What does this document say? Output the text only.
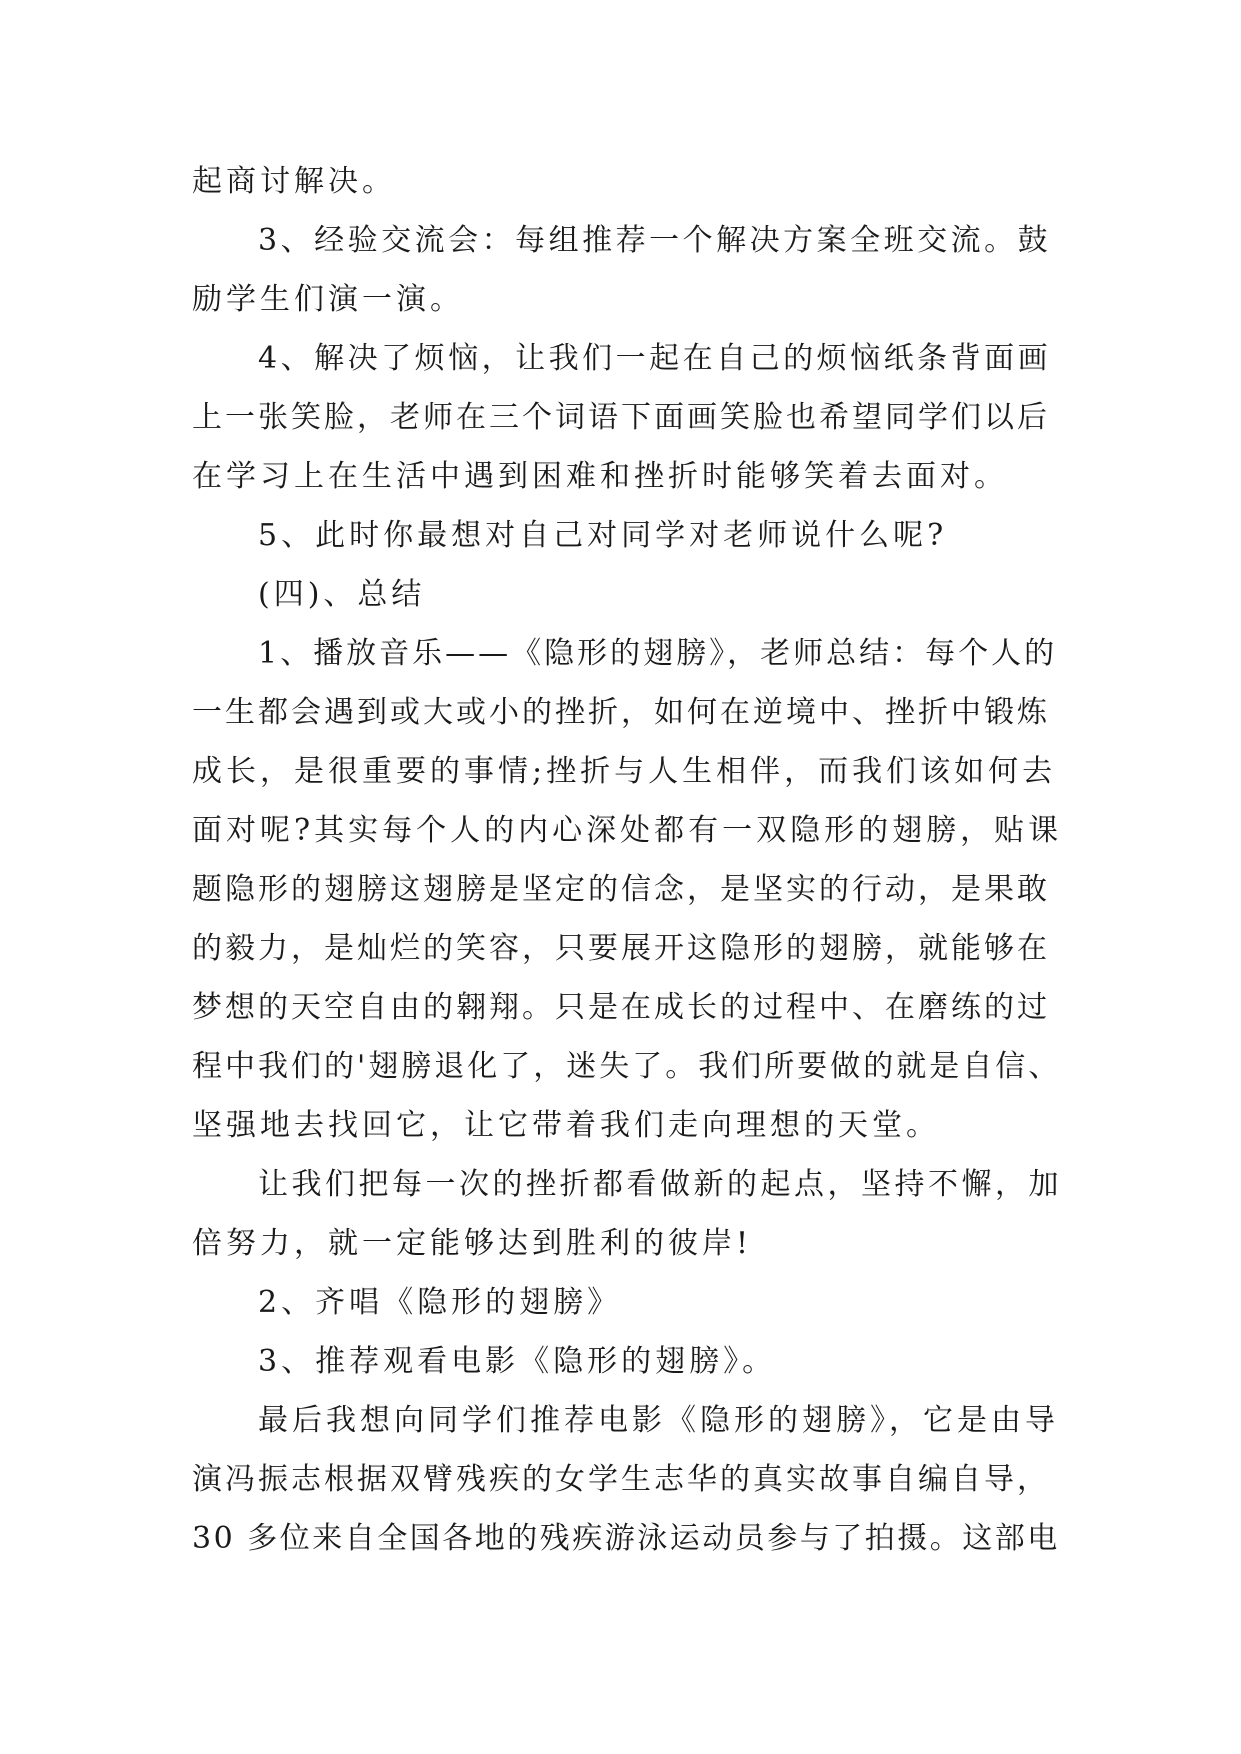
起商讨解决。
3、经验交流会：每组推荐一个解决方案全班交流。鼓
励学生们演一演。
4、解决了烦恼，让我们一起在自己的烦恼纸条背面画
上一张笑脸，老师在三个词语下面画笑脸也希望同学们以后
在学习上在生活中遇到困难和挫折时能够笑着去面对。
5、此时你最想对自己对同学对老师说什么呢?
(四)、总结
1、播放音乐——《隐形的翅膀》，老师总结：每个人的
一生都会遇到或大或小的挫折，如何在逆境中、挫折中锻炼
成长，是很重要的事情;挫折与人生相伴，而我们该如何去
面对呢?其实每个人的内心深处都有一双隐形的翅膀，贴课
题隐形的翅膀这翅膀是坚定的信念，是坚实的行动，是果敢
的毅力，是灿烂的笑容，只要展开这隐形的翅膀，就能够在
梦想的天空自由的翱翔。只是在成长的过程中、在磨练的过
程中我们的'翅膀退化了，迷失了。我们所要做的就是自信、
坚强地去找回它，让它带着我们走向理想的天堂。
让我们把每一次的挫折都看做新的起点，坚持不懈，加
倍努力，就一定能够达到胜利的彼岸!
2、齐唱《隐形的翅膀》
3、推荐观看电影《隐形的翅膀》。
最后我想向同学们推荐电影《隐形的翅膀》，它是由导
演冯振志根据双臂残疾的女学生志华的真实故事自编自导，
30 多位来自全国各地的残疾游泳运动员参与了拍摄。这部电
